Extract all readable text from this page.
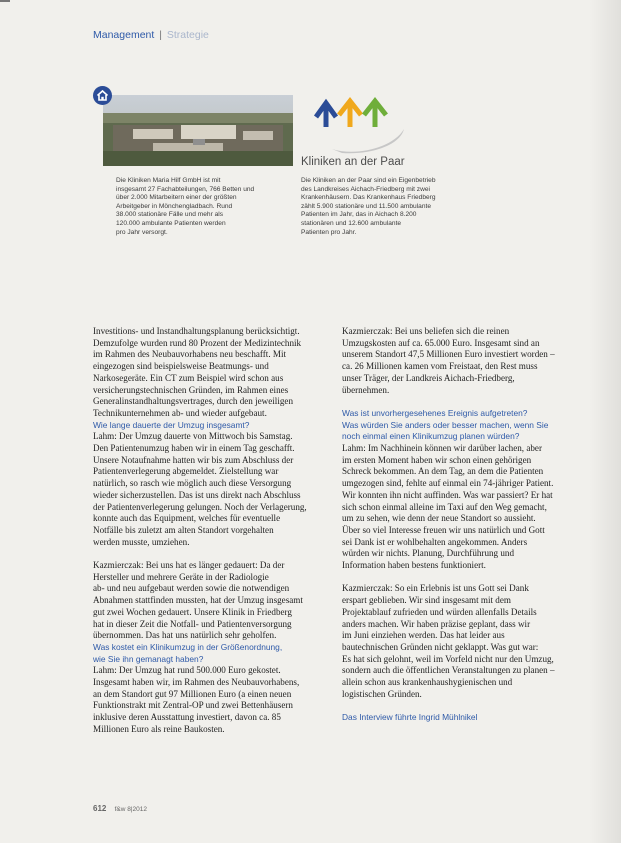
Management | Strategie
Kliniken an der Paar
Die Kliniken Maria Hilf GmbH ist mit
insgesamt 27 Fachabteilungen, 766 Betten und
über 2.000 Mitarbeitern einer der größten
Arbeitgeber in Mönchengladbach. Rund
38.000 stationäre Fälle und mehr als
120.000 ambulante Patienten werden
pro Jahr versorgt.
Die Kliniken an der Paar sind ein Eigenbetrieb
des Landkreises Aichach-Friedberg mit zwei
Krankenhäusern. Das Krankenhaus Friedberg
zählt 5.900 stationäre und 11.500 ambulante
Patienten im Jahr, das in Aichach 8.200
stationären und 12.600 ambulante
Patienten pro Jahr.
Investitions- und Instandhaltungsplanung berücksichtigt.
Demzufolge wurden rund 80 Prozent der Medizintechnik
im Rahmen des Neubauvorhabens neu beschafft. Mit
eingezogen sind beispielsweise Beatmungs- und
Narkosegeräte. Ein CT zum Beispiel wird schon aus
versicherungstechnischen Gründen, im Rahmen eines
Generalinstandhaltungsvertrages, durch den jeweiligen
Technikunternehmen ab- und wieder aufgebaut.
Wie lange dauerte der Umzug insgesamt?
Lahm: Der Umzug dauerte von Mittwoch bis Samstag.
Den Patientenumzug haben wir in einem Tag geschafft.
Unsere Notaufnahme hatten wir bis zum Abschluss der
Patientenverlegerung abgemeldet. Zielstellung war
natürlich, so rasch wie möglich auch diese Versorgung
wieder sicherzustellen. Das ist uns direkt nach Abschluss
der Patientenverlegerung gelungen. Noch der Verlagerung,
konnte auch das Equipment, welches für eventuelle
Notfälle bis zuletzt am alten Standort vorgehalten
werden musste, umziehen.
Kazmierczak: Bei uns hat es länger gedauert: Da der
Hersteller und mehrere Geräte in der Radiologie
ab- und neu aufgebaut werden sowie die notwendigen
Abnahmen stattfinden mussten, hat der Umzug insgesamt
gut zwei Wochen gedauert. Unsere Klinik in Friedberg
hat in dieser Zeit die Notfall- und Patientenversorgung
übernommen. Das hat uns natürlich sehr geholfen.
Was kostet ein Klinikumzug in der Größenordnung,
wie Sie ihn gemanagt haben?
Lahm: Der Umzug hat rund 500.000 Euro gekostet.
Insgesamt haben wir, im Rahmen des Neubauvorhabens,
an dem Standort gut 97 Millionen Euro (a einen neuen
Funktionstrakt mit Zentral-OP und zwei Bettenhäusern
inklusive deren Ausstattung investiert, davon ca. 85
Millionen Euro als reine Baukosten.
Kazmierczak: Bei uns beliefen sich die reinen
Umzugskosten auf ca. 65.000 Euro. Insgesamt sind an
unserem Standort 47,5 Millionen Euro investiert worden –
ca. 26 Millionen kamen vom Freistaat, den Rest muss
unser Träger, der Landkreis Aichach-Friedberg,
übernehmen.
Was ist unvorhergesehenes Ereignis aufgetreten?
Was würden Sie anders oder besser machen, wenn Sie
noch einmal einen Klinikumzug planen würden?
Lahm: Im Nachhinein können wir darüber lachen, aber
im ersten Moment haben wir schon einen gehörigen
Schreck bekommen. An dem Tag, an dem die Patienten
umgezogen sind, fehlte auf einmal ein 74-jähriger Patient.
Wir konnten ihn nicht auffinden. Was war passiert? Er hat
sich schon einmal alleine im Taxi auf den Weg gemacht,
um zu sehen, wie denn der neue Standort so aussieht.
Über so viel Interesse freuen wir uns natürlich und Gott
sei Dank ist er wohlbehalten angekommen. Anders
würden wir nichts. Planung, Durchführung und
Information haben bestens funktioniert.
Kazmierczak: So ein Erlebnis ist uns Gott sei Dank
erspart geblieben. Wir sind insgesamt mit dem
Projektablauf zufrieden und würden allenfalls Details
anders machen. Wir haben präzise geplant, dass wir
im Juni einziehen werden. Das hat leider aus
bautechnischen Gründen nicht geklappt. Was gut war:
Es hat sich gelohnt, weil im Vorfeld nicht nur den Umzug,
sondern auch die öffentlichen Veranstaltungen zu planen –
allein schon aus krankenhaushygienischen und
logistischen Gründen.
Das Interview führte Ingrid Mühlnikel
612 f&w 8|2012
